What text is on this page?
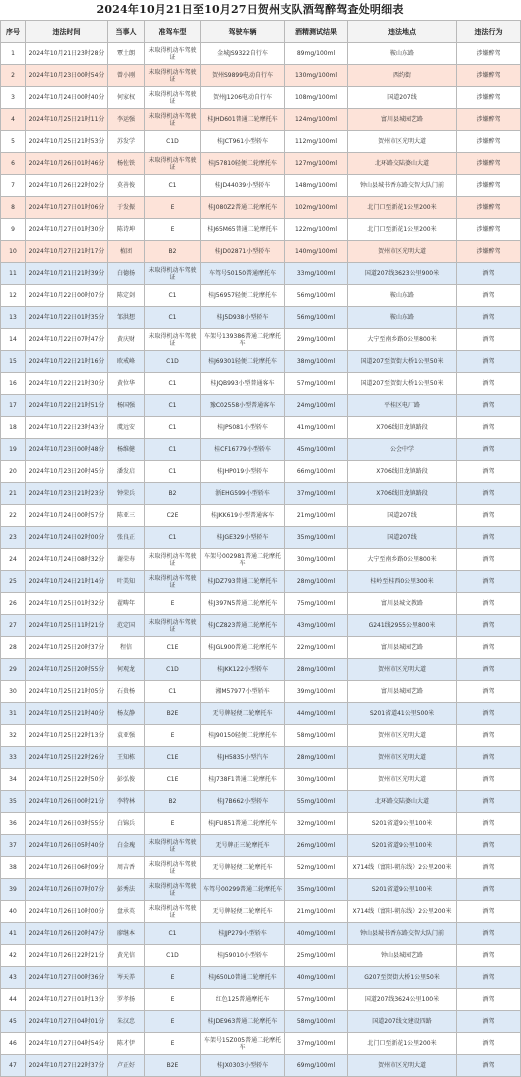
2024年10月21日至10月27日贺州支队酒驾醉驾查处明细表
序号	违法时间	当事人	准驾车型	驾驶车辆	酒精测试结果	违法地点	违法行为
1	2024年10月21日23时28分	覃土朗	未取得机动车驾驶证	金城JS9322自行车	89mg/100ml	鞍山东路	涉嫌醉驾
2	2024年10月23日00时54分	曾小刚	未取得机动车驾驶证	贺州S9899电动自行车	130mg/100ml	西约街	涉嫌醉驾
3	2024年10月24日00时40分	何家权	未取得机动车驾驶证	贺州J1206电动自行车	108mg/100ml	国道207线	涉嫌醉驾
4	2024年10月25日21时11分	李运强	未取得机动车驾驶证	桂JHD601普通二轮摩托车	124mg/100ml	富川县城园艺路	涉嫌醉驾
5	2024年10月25日21时53分	苏发学	C1D	桂JCT961小型轿车	112mg/100ml	贺州市区光明大道	涉嫌醉驾
6	2024年10月26日01时46分	杨佐铁	未取得机动车驾驶证	桂J57810轻便二轮摩托车	127mg/100ml	北环路交陆婆山大道	涉嫌醉驾
7	2024年10月26日22时02分	莫善俊	C1	桂JD44039小型轿车	148mg/100ml	钟山县城书香东路交智大队门前	涉嫌醉驾
8	2024年10月27日01时06分	于发振	E	桂J080Z2普通二轮摩托车	102mg/100ml	北门口至新花1公里200米	涉嫌醉驾
9	2024年10月27日01时30分	陈诗坤	E	桂J65M65普通二轮摩托车	122mg/100ml	北门口至新花1公里200米	涉嫌醉驾
10	2024年10月27日21时17分	植团	B2	桂JD02871小型轿车	140mg/100ml	贺州市区光明大道	涉嫌醉驾
11	2024年10月21日21时39分	白德扬	未取得机动车驾驶证	车驾号50150普通摩托车	33mg/100ml	国道207线3623公里900米	酒驾
12	2024年10月22日00时07分	陈定剑	C1	桂J56957轻便二轮摩托车	56mg/100ml	鞍山东路	酒驾
13	2024年10月22日01时35分	邹洪想	C1	桂J5D938小型轿车	56mg/100ml	鞍山东路	酒驾
14	2024年10月22日07时47分	黄庆财	未取得机动车驾驶证	车架号139386普通二轮摩托车	29mg/100ml	大宁至南乡路0公里800米	酒驾
15	2024年10月22日21时16分	欧戒峰	C1D	桂J69301轻便二轮摩托车	38mg/100ml	国道207至贺街大桥1公里50米	酒驾
16	2024年10月22日21时30分	黄位华	C1	桂JQB993小型普通客车	57mg/100ml	国道207至贺街大桥1公里50米	酒驾
17	2024年10月22日21时51分	杨国强	C1	豫C02558小型普通客车	24mg/100ml	平桂区电厂路	酒驾
18	2024年10月22日23时43分	虞远安	C1	桂JPS081小型轿车	41mg/100ml	X706线旧龙镇路段	酒驾
19	2024年10月23日00时48分	杨维健	C1	桂CF16779小型轿车	45mg/100ml	公会中学	酒驾
20	2024年10月23日20时45分	潘发启	C1	桂JHP019小型轿车	66mg/100ml	X706线旧龙镇路段	酒驾
21	2024年10月23日21时23分	钟荣兵	B2	浙EHG599小型轿车	37mg/100ml	X706线旧龙镇路段	酒驾
22	2024年10月24日00时57分	陈亚三	C2E	桂JKK619小型普通客车	21mg/100ml	国道207线	酒驾
23	2024年10月24日02时00分	张良正	C1	桂JGE329小型轿车	35mg/100ml	国道207线	酒驾
24	2024年10月24日08时32分	谢荣寿	未取得机动车驾驶证	车架号002981普通二轮摩托车	30mg/100ml	大宁至南乡路0公里800米	酒驾
25	2024年10月24日21时14分	叶美知	未取得机动车驾驶证	桂JDZ793普通二轮摩托车	28mg/100ml	桂岭至桂西0公里300米	酒驾
26	2024年10月25日01时32分	翟畴年	E	桂J397N5普通二轮摩托车	75mg/100ml	富川县城文教路	酒驾
27	2024年10月25日11时21分	范定国	未取得机动车驾驶证	桂JCZ823普通二轮摩托车	43mg/100ml	G241线2955公里800米	酒驾
28	2024年10月25日20时37分	程信	C1E	桂JGL900普通二轮摩托车	22mg/100ml	富川县城园艺路	酒驾
29	2024年10月25日20时55分	何观龙	C1D	桂JKK122小型轿车	28mg/100ml	贺州市区光明大道	酒驾
30	2024年10月25日21时05分	石贵杨	C1	湘M57977小型轿车	39mg/100ml	富川县城园艺路	酒驾
31	2024年10月25日21时40分	杨友静	B2E	无号牌轻便二轮摩托车	44mg/100ml	S201省道41公里500米	酒驾
32	2024年10月25日22时13分	袁亚强	E	桂J90150轻便二轮摩托车	58mg/100ml	贺州市区光明大道	酒驾
33	2024年10月25日22时26分	王知栋	C1E	桂JH5835小型汽车	28mg/100ml	贺州市区光明大道	酒驾
34	2024年10月25日22时50分	彭弘俊	C1E	桂J738F1普通二轮摩托车	30mg/100ml	贺州市区光明大道	酒驾
35	2024年10月26日00时21分	李特林	B2	桂J7B662小型轿车	55mg/100ml	北环路交陆婆山大道	酒驾
36	2024年10月26日03时55分	白锦兵	E	桂JFU851普通二轮摩托车	32mg/100ml	S201省道9公里100米	酒驾
37	2024年10月26日05时40分	白金瑰	未取得机动车驾驶证	无号牌正三轮摩托车	26mg/100ml	S201省道9公里100米	酒驾
38	2024年10月26日06时09分	周吉香	未取得机动车驾驶证	无号牌轻便二轮摩托车	52mg/100ml	X714线（富阳-朝东线）2公里200米	酒驾
39	2024年10月26日07时07分	彭秀法	未取得机动车驾驶证	车驾号00299普通二轮摩托车	35mg/100ml	S201省道9公里100米	酒驾
40	2024年10月26日10时00分	盘承英	未取得机动车驾驶证	无号牌轻便二轮摩托车	21mg/100ml	X714线（富阳-朝东线）2公里200米	酒驾
41	2024年10月26日20时47分	廖继本	C1	桂JJP279小型轿车	40mg/100ml	钟山县城书香东路交智大队门前	酒驾
42	2024年10月26日22时21分	黄光信	C1D	桂J59010小型轿车	25mg/100ml	钟山县城园艺路	酒驾
43	2024年10月27日00时36分	岑天养	E	桂J650L0普通二轮摩托车	40mg/100ml	G207至贺街大桥1公里50米	酒驾
44	2024年10月27日01时13分	罗孝扬	E	红色125普通摩托车	57mg/100ml	国道207线3624公里100米	酒驾
45	2024年10月27日04时01分	朱汉忠	E	桂JDE963普通二轮摩托车	58mg/100ml	国道207线文建设四路	酒驾
46	2024年10月27日04时54分	陈才伊	E	车架号15Z005普通二轮摩托车	37mg/100ml	北门口至新花1公里200米	酒驾
47	2024年10月27日22时37分	卢正好	B2E	桂JX0303小型轿车	69mg/100ml	贺州市区光明大道	酒驾
